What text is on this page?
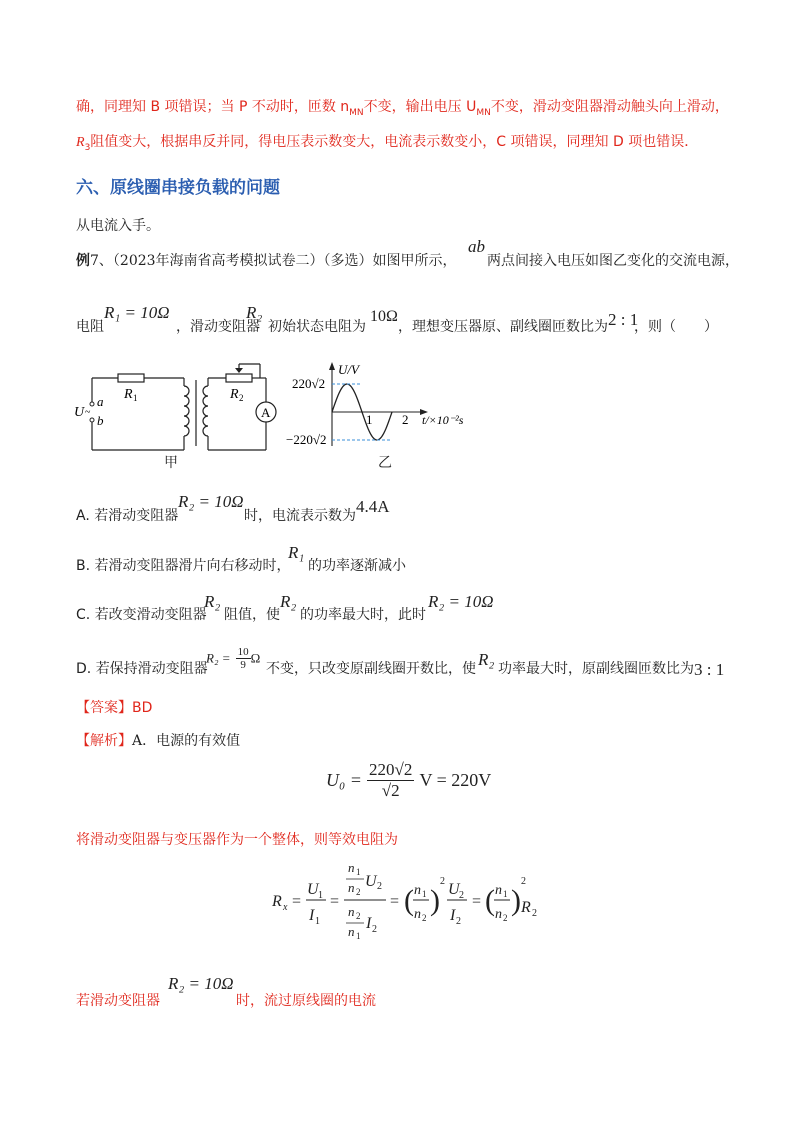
确，同理知 B 项错误；当 P 不动时，匝数 $n_{MN}$不变，输出电压 $U_{MN}$不变，滑动变阻器滑动触头向上滑动，
$R_3$阻值变大，根据串反并同，得电压表示数变大，电流表示数变小，C 项错误，同理知 D 项也错误．
六、原线圈串接负载的问题
从电流入手。
例7、（2023年海南省高考模拟试卷二）（多选）如图甲所示，
ab
两点间接入电压如图乙变化的交流电源，
电阻
R₁ = 10Ω
，滑动变阻器
R₂
初始状态电阻为
10Ω
，理想变压器原、副线圈匝数比为 2 : 1
，则（　　）
a
b
U ~
R 1	R 2
A
甲
U/V
220√2
−220√2
1 2 t/×10⁻²s
乙
A. 若滑动变阻器
R₂ = 10Ω
时，电流表示数为 4.4A
B. 若滑动变阻器滑片向右移动时，
R₁
的功率逐渐减小
C. 若改变滑动变阻器
R₂
阻值，使
R₂
的功率最大时，此时
R₂ = 10Ω
D. 若保持滑动变阻器
$R_2 = \frac{10}{9}$ Ω
不变，只改变原副线圈开数比，使 R₂ 功率最大时，原副线圈匝数比为 3 : 1
【答案】BD
【解析】A．电源的有效值
$U_0 = \frac{220√2}{√2}$ V = 220V
将滑动变阻器与变压器作为一个整体，则等效电阻为
R x =
U 1
I 1
=
n 1
n 2
U 2
n 2
n 1
I 2
= ( n 1
n 2
)
2 U 2
I 2
= ( n 1
n 2
)
2
R 2
若滑动变阻器
R₂ = 10Ω
时，流过原线圈的电流
